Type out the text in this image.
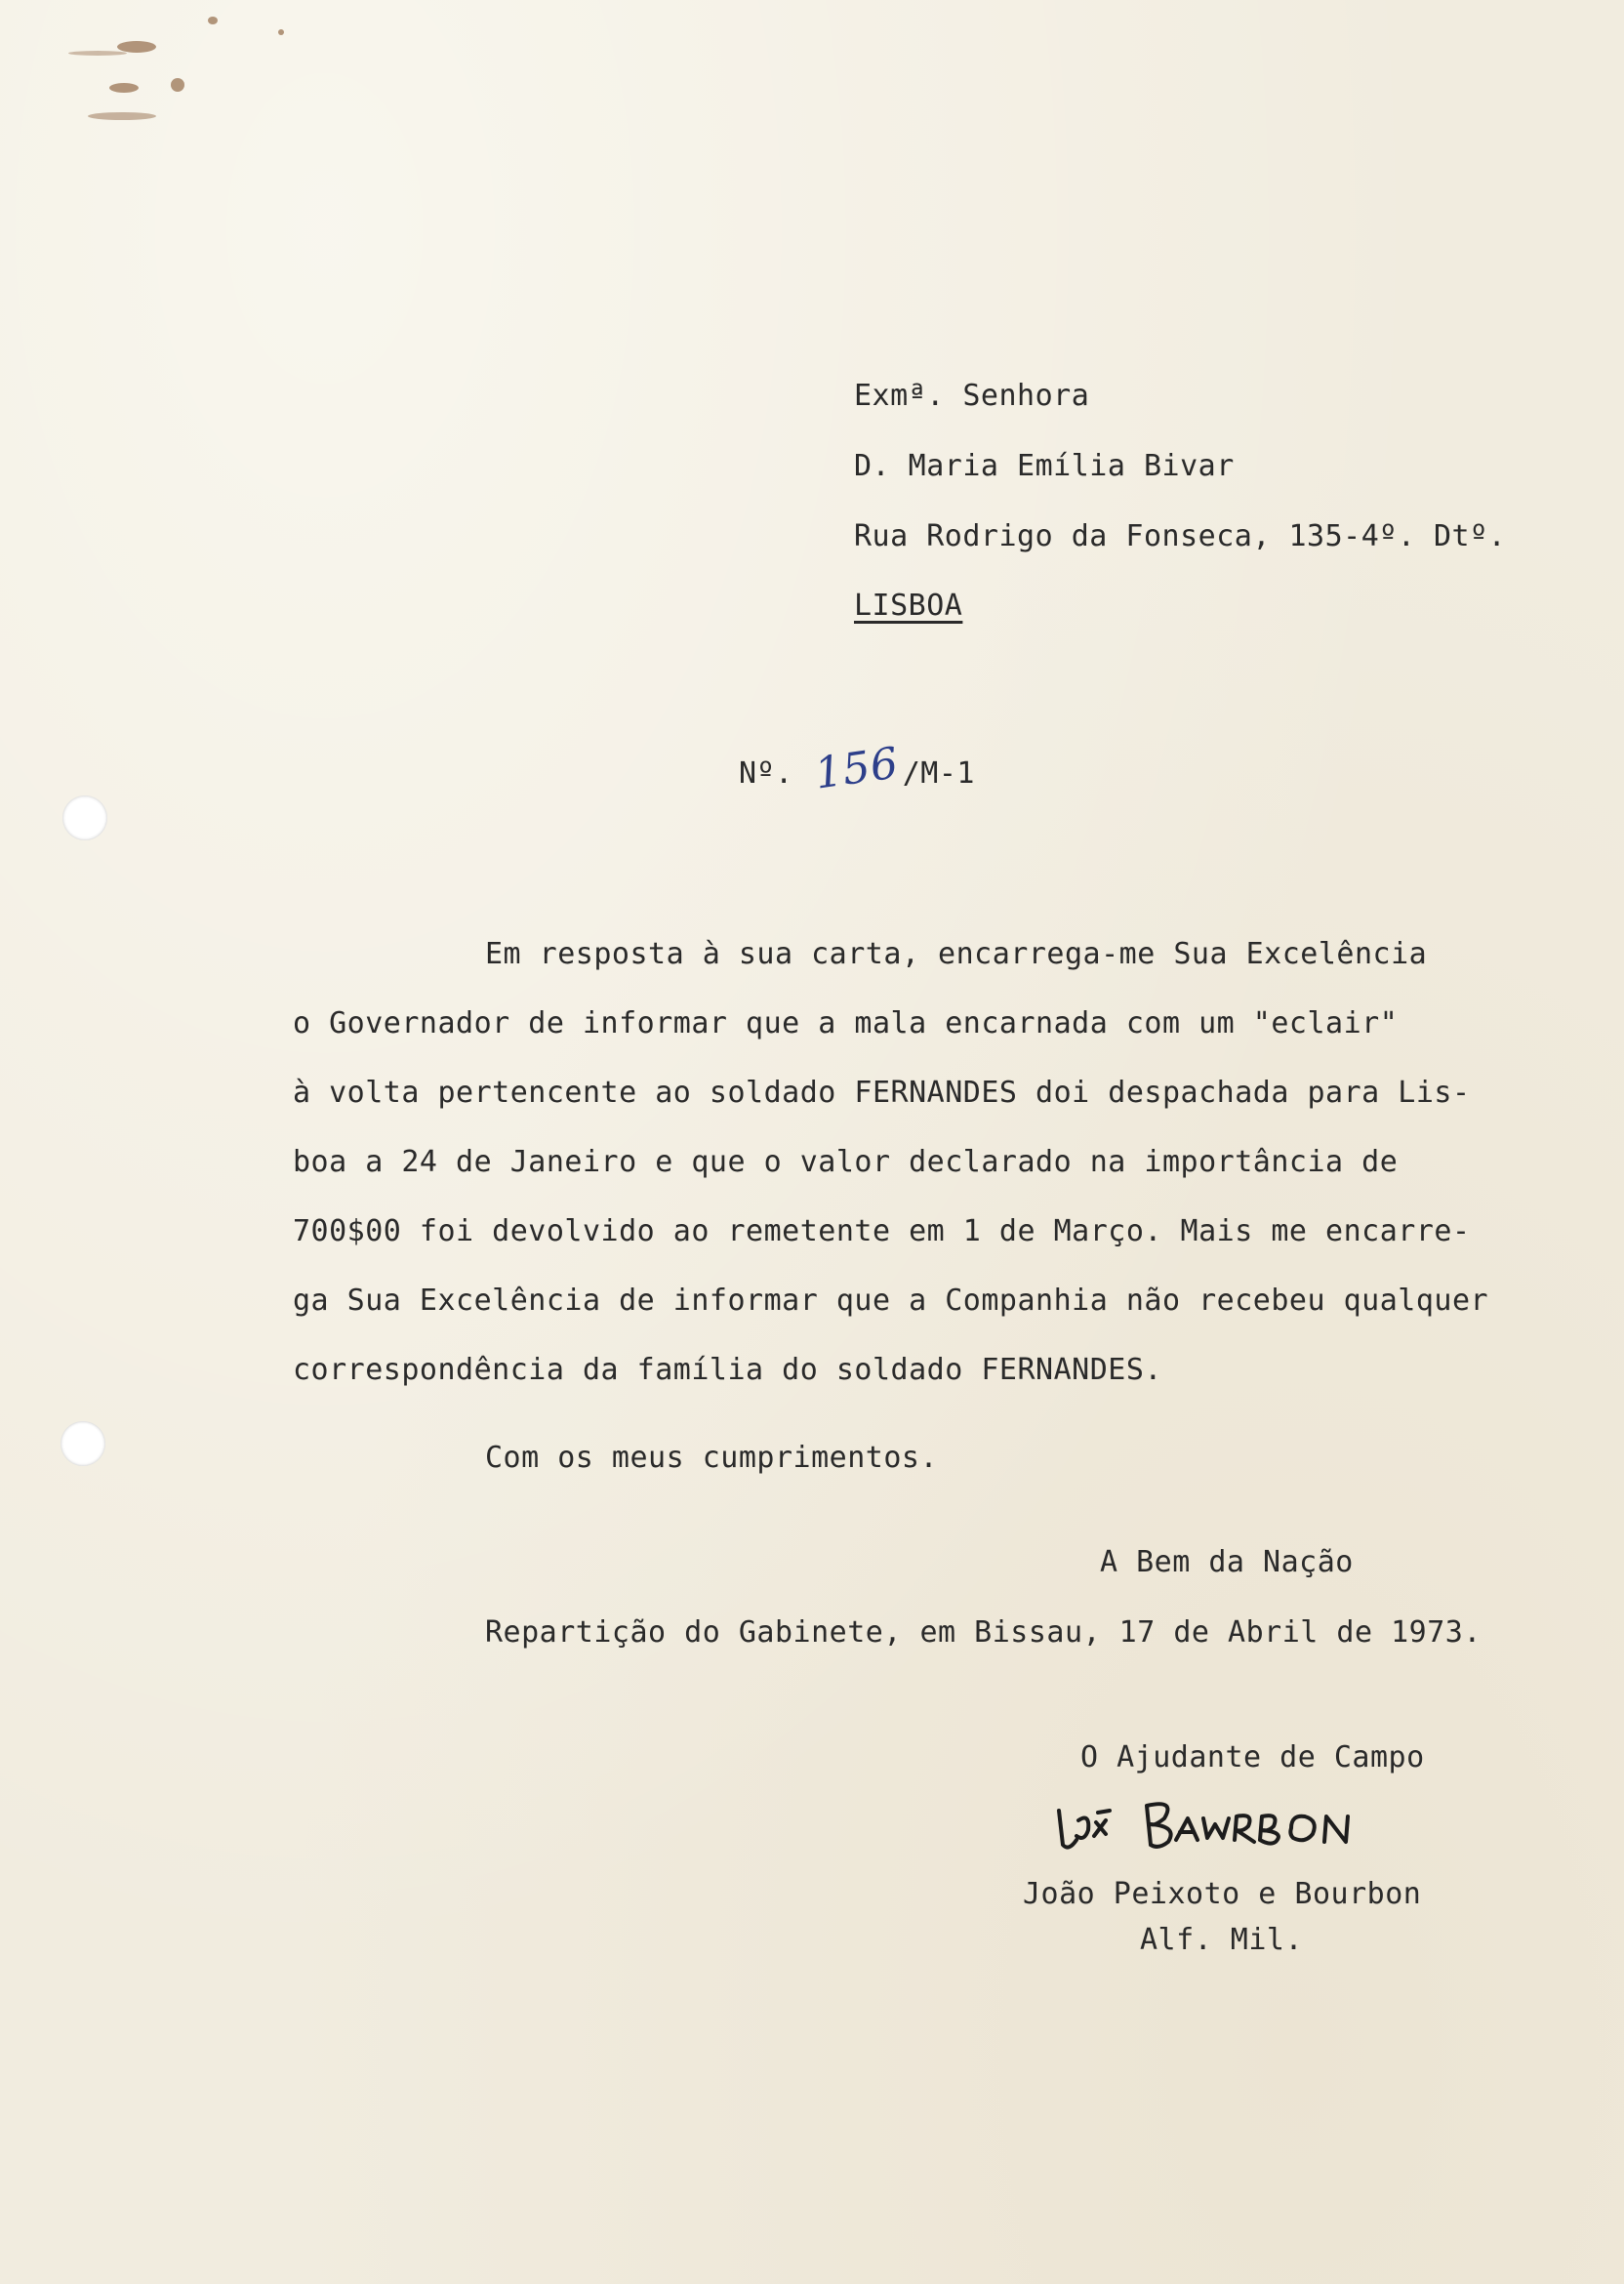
Exmª. Senhora
D. Maria Emília Bivar
Rua Rodrigo da Fonseca, 135-4º. Dtº.
LISBOA
Nº. 156/M-1
Em resposta à sua carta, encarrega-me Sua Excelência
o Governador de informar que a mala encarnada com um "eclair"
à volta pertencente ao soldado FERNANDES doi despachada para Lis-
boa a 24 de Janeiro e que o valor declarado na importância de
700$00 foi devolvido ao remetente em 1 de Março. Mais me encarre-
ga Sua Excelência de informar que a Companhia não recebeu qualquer
correspondência da família do soldado FERNANDES.
Com os meus cumprimentos.
A Bem da Nação
Repartição do Gabinete, em Bissau, 17 de Abril de 1973.
O Ajudante de Campo
João Peixoto e Bourbon
Alf. Mil.
